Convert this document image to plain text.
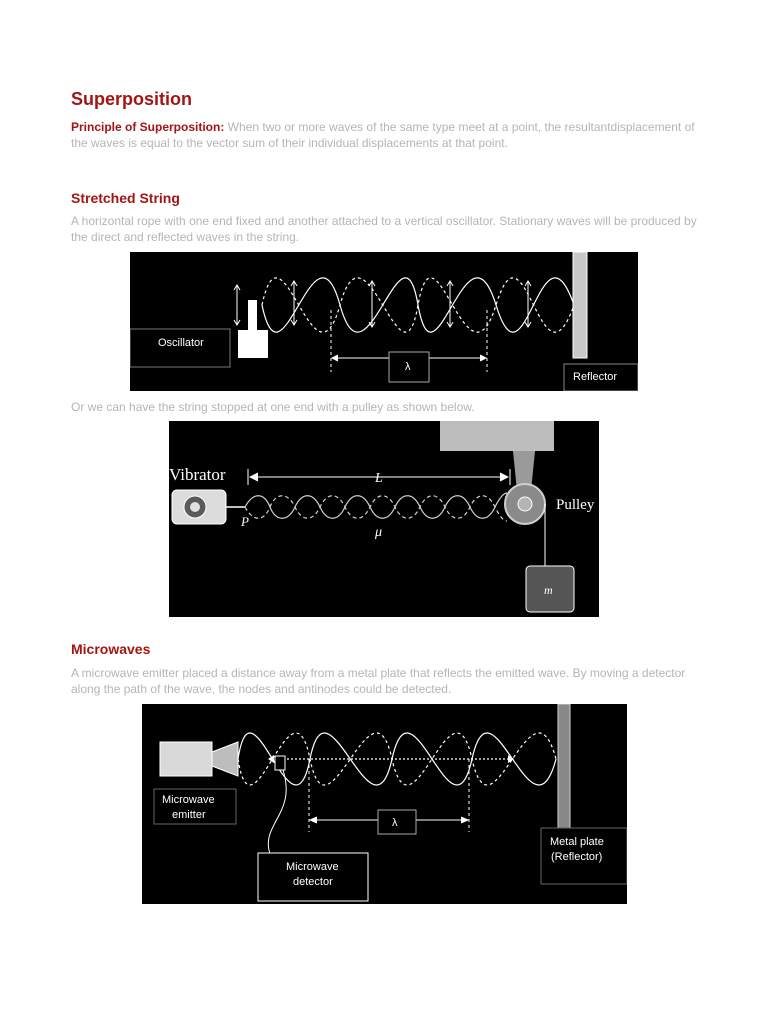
Superposition

Principle of Superposition: When two or more waves of the same type meet at a point, the resultantdisplacement of the waves is equal to the vector sum of their individual displacements at that point.

Stretched String

A horizontal rope with one end fixed and another attached to a vertical oscillator. Stationary waves will be produced by the direct and reflected waves in the string.

Oscillator
λ
Reflector

Or we can have the string stopped at one end with a pulley as shown below.

m
Vibrator
P
L
μ
Pulley
Microwaves

A microwave emitter placed a distance away from a metal plate that reflects the emitted wave. By moving a detector along the path of the wave, the nodes and antinodes could be detected.

Microwave
emitter
λ
Microwave
detector
Metal plate
(Reflector)
